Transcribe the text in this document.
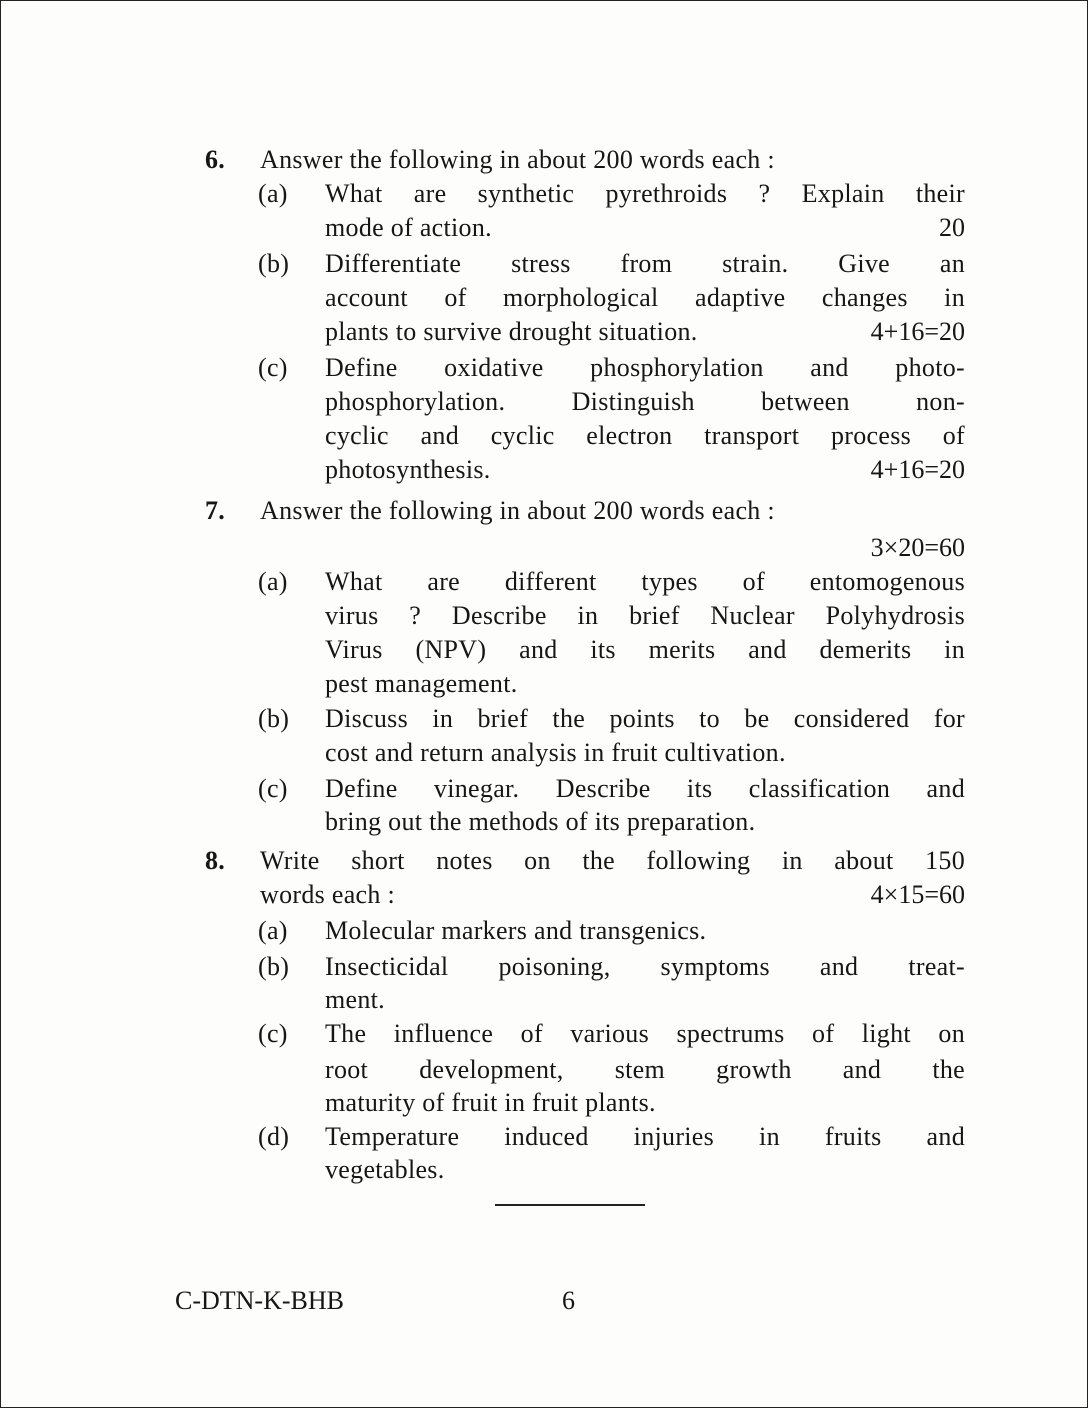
6. Answer the following in about 200 words each :
(a) What are synthetic pyrethroids ? Explain their
mode of action.	20
(b) Differentiate stress from strain. Give an
account of morphological adaptive changes in
plants to survive drought situation.	4+16=20
(c) Define oxidative phosphorylation and photo-
phosphorylation. Distinguish between non-
cyclic and cyclic electron transport process of
photosynthesis.	4+16=20
7. Answer the following in about 200 words each :
3×20=60
(a) What are different types of entomogenous
virus ? Describe in brief Nuclear Polyhydrosis
Virus (NPV) and its merits and demerits in
pest management.
(b) Discuss in brief the points to be considered for
cost and return analysis in fruit cultivation.
(c) Define vinegar. Describe its classification and
bring out the methods of its preparation.
8. Write short notes on the following in about 150
words each :	4×15=60
(a) Molecular markers and transgenics.
(b) Insecticidal poisoning, symptoms and treat-
ment.
(c) The influence of various spectrums of light on
root development, stem growth and the
maturity of fruit in fruit plants.
(d) Temperature induced injuries in fruits and
vegetables.
C-DTN-K-BHB	6
